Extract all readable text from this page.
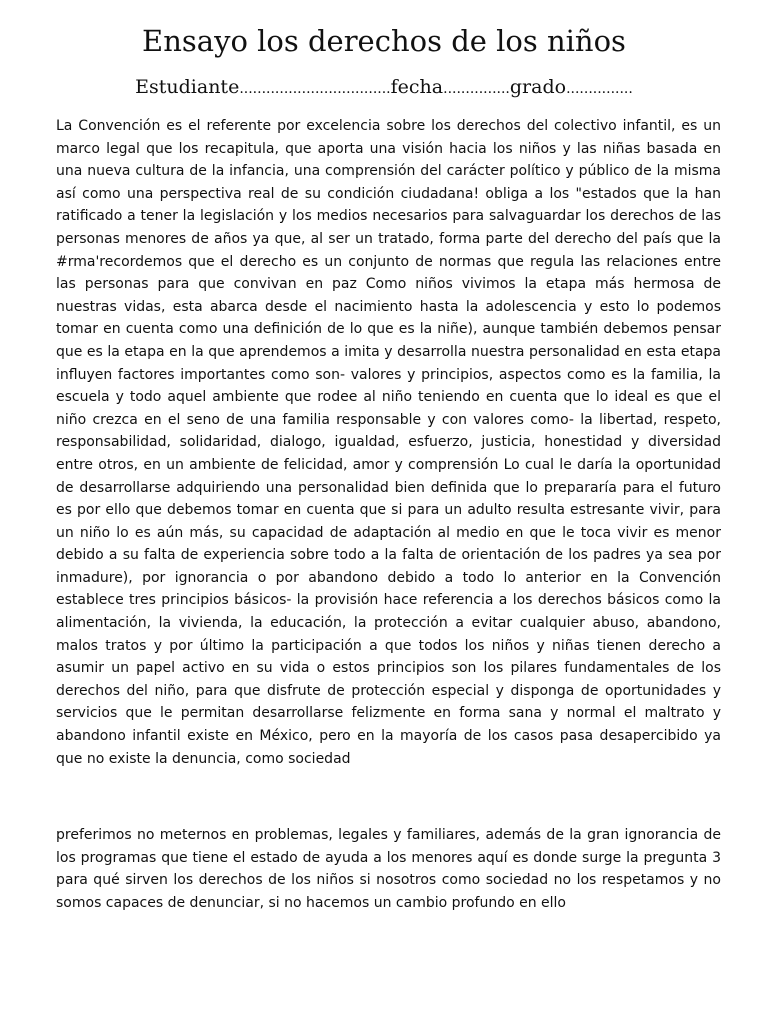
Ensayo los derechos de los niños
Estudiante..................................fecha...............grado...............

La Convención es el referente por excelencia sobre los derechos del colectivo infantil, es un marco legal que los recapitula, que aporta una visión hacia los niños y las niñas basada en una nueva cultura de la infancia, una comprensión del carácter político y público de la misma así como una perspectiva real de su condición ciudadana! obliga a los "estados que la han ratificado a tener la legislación y los medios necesarios para salvaguardar los derechos de las personas menores de años ya que, al ser un tratado, forma parte del derecho del país que la #rma'recordemos que el derecho es un conjunto de normas que regula las relaciones entre las personas para que convivan en paz Como niños vivimos la etapa más hermosa de nuestras vidas, esta abarca desde el nacimiento hasta la adolescencia y esto lo podemos tomar en cuenta como una definición de lo que es la niñe), aunque también debemos pensar que es la etapa en la que aprendemos a imita y desarrolla nuestra personalidad en esta etapa influyen factores importantes como son- valores y principios, aspectos como es la familia, la escuela y todo aquel ambiente que rodee al niño teniendo en cuenta que lo ideal es que el niño crezca en el seno de una familia responsable y con valores como- la libertad, respeto, responsabilidad, solidaridad, dialogo, igualdad, esfuerzo, justicia, honestidad y diversidad entre otros, en un ambiente de felicidad, amor y comprensión Lo cual le daría la oportunidad de desarrollarse adquiriendo una personalidad bien definida que lo prepararía para el futuro es por ello que debemos tomar en cuenta que si para un adulto resulta estresante vivir, para un niño lo es aún más, su capacidad de adaptación al medio en que le toca vivir es menor debido a su falta de experiencia sobre todo a la falta de orientación de los padres ya sea por inmadure), por ignorancia o por abandono debido a todo lo anterior en la Convención establece tres principios básicos- la provisión hace referencia a los derechos básicos como la alimentación, la vivienda, la educación, la protección a evitar cualquier abuso, abandono, malos tratos y por último la participación a que todos los niños y niñas tienen derecho a asumir un papel activo en su vida o estos principios son los pilares fundamentales de los derechos del niño, para que disfrute de protección especial y disponga de oportunidades y servicios que le permitan desarrollarse felizmente en forma sana y normal el maltrato y abandono infantil existe en México, pero en la mayoría de los casos pasa desapercibido ya que no existe la denuncia, como sociedad

preferimos no meternos en problemas, legales y familiares, además de la gran ignorancia de los programas que tiene el estado de ayuda a los menores aquí es donde surge la pregunta 3 para qué sirven los derechos de los niños si nosotros como sociedad no los respetamos y no somos capaces de denunciar, si no hacemos un cambio profundo en ello
